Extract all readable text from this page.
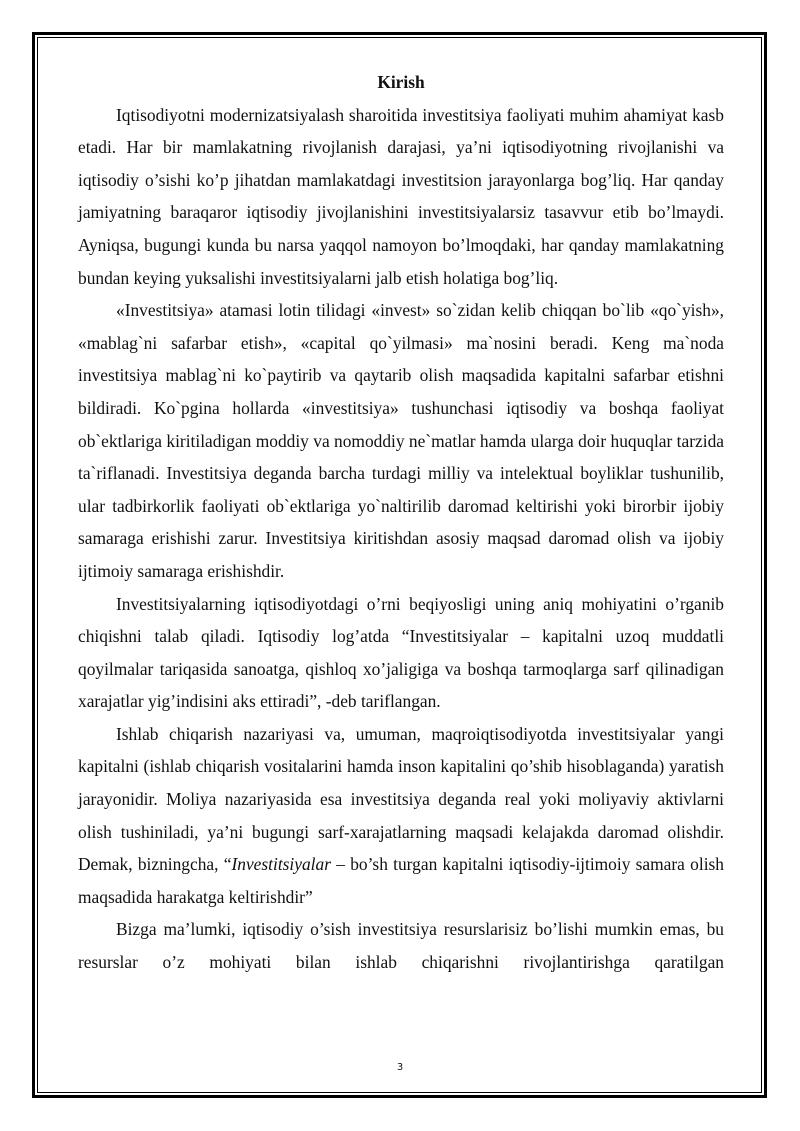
Kirish

Iqtisodiyotni modernizatsiyalash sharoitida investitsiya faoliyati muhim ahamiyat kasb etadi. Har bir mamlakatning rivojlanish darajasi, ya’ni iqtisodiyotning rivojlanishi va iqtisodiy o’sishi ko’p jihatdan mamlakatdagi investitsion jarayonlarga bog’liq. Har qanday jamiyatning baraqaror iqtisodiy jivojlanishini investitsiyalarsiz tasavvur etib bo’lmaydi. Ayniqsa, bugungi kunda bu narsa yaqqol namoyon bo’lmoqdaki, har qanday mamlakatning bundan keying yuksalishi investitsiyalarni jalb etish holatiga bog’liq.

«Investitsiya» atamasi lotin tilidagi «invest» so`zidan kelib chiqqan bo`lib «qo`yish», «mablag`ni safarbar etish», «capital qo`yilmasi» ma`nosini beradi. Keng ma`noda investitsiya mablag`ni ko`paytirib va qaytarib olish maqsadida kapitalni safarbar etishni bildiradi. Ko`pgina hollarda «investitsiya» tushunchasi iqtisodiy va boshqa faoliyat ob`ektlariga kiritiladigan moddiy va nomoddiy ne`matlar hamda ularga doir huquqlar tarzida ta`riflanadi. Investitsiya deganda barcha turdagi milliy va intelektual boyliklar tushunilib, ular tadbirkorlik faoliyati ob`ektlariga yo`naltirilib daromad keltirishi yoki birorbir ijobiy samaraga erishishi zarur. Investitsiya kiritishdan asosiy maqsad daromad olish va ijobiy ijtimoiy samaraga erishishdir.

Investitsiyalarning iqtisodiyotdagi o’rni beqiyosligi uning aniq mohiyatini o’rganib chiqishni talab qiladi. Iqtisodiy log’atda “Investitsiyalar – kapitalni uzoq muddatli qoyilmalar tariqasida sanoatga, qishloq xo’jaligiga va boshqa tarmoqlarga sarf qilinadigan xarajatlar yig’indisini aks ettiradi”, -deb tariflangan.

Ishlab chiqarish nazariyasi va, umuman, maqroiqtisodiyotda investitsiyalar yangi kapitalni (ishlab chiqarish vositalarini hamda inson kapitalini qo’shib hisoblaganda) yaratish jarayonidir. Moliya nazariyasida esa investitsiya deganda real yoki moliyaviy aktivlarni olish tushiniladi, ya’ni bugungi sarf-xarajatlarning maqsadi kelajakda daromad olishdir. Demak, bizningcha, “Investitsiyalar – bo’sh turgan kapitalni iqtisodiy-ijtimoiy samara olish maqsadida harakatga keltirishdir”

Bizga ma’lumki, iqtisodiy o’sish investitsiya resurslarisiz bo’lishi mumkin emas, bu resurslar o’z mohiyati bilan ishlab chiqarishni rivojlantirishga qaratilgan

3
